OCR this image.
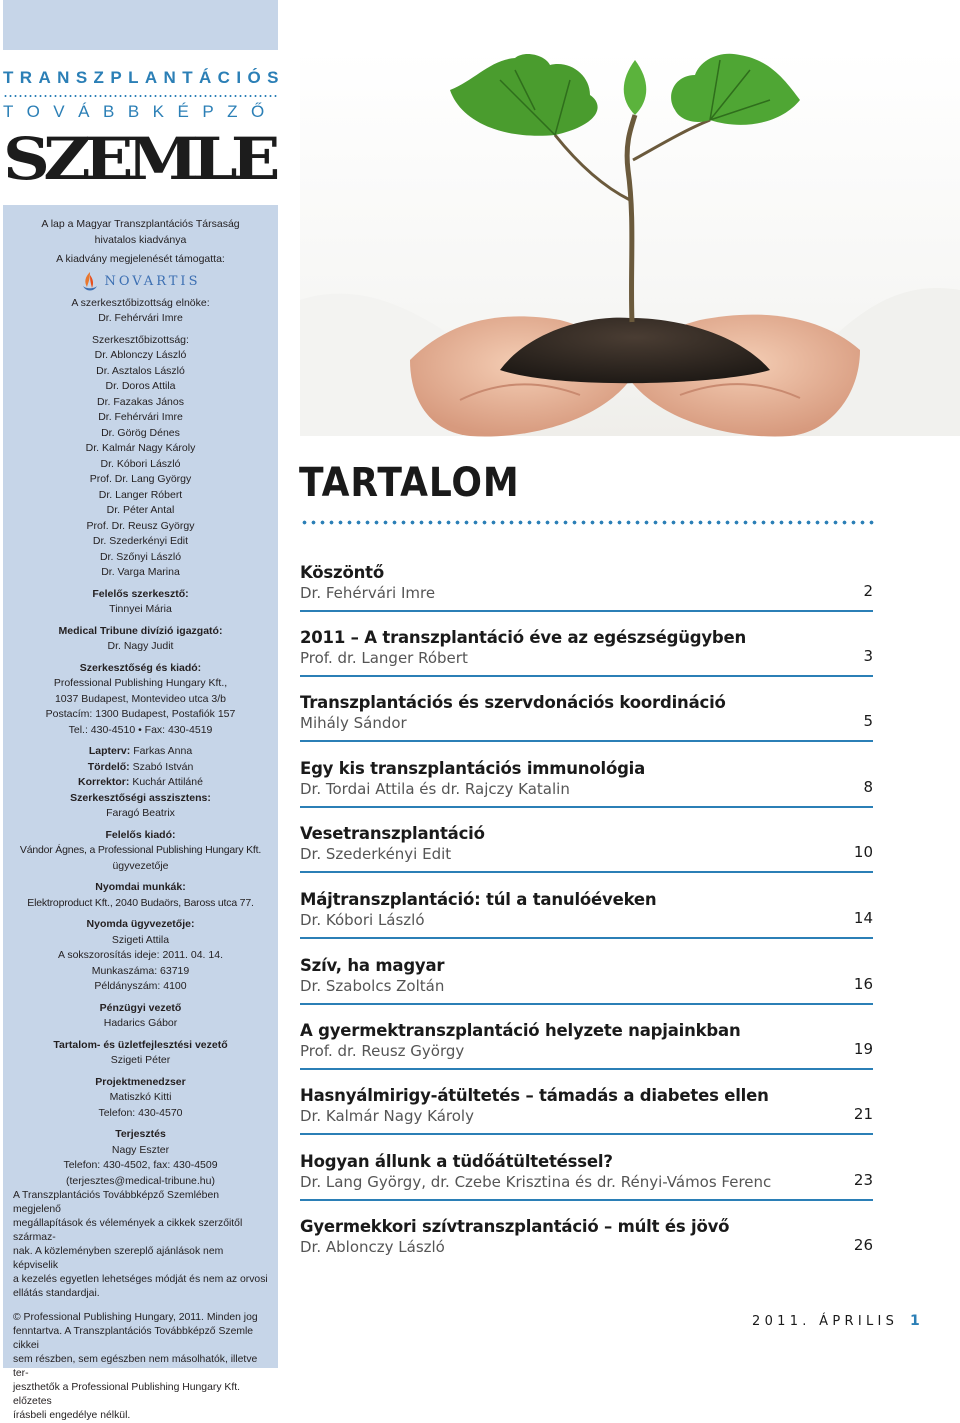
TRANSZPLANTÁCIÓS
TOVÁBBKÉPZŐ
SZEMLE
A lap a Magyar Transzplantációs Társaság
hivatalos kiadványa
A kiadvány megjelenését támogatta:
NOVARTIS
A szerkesztőbizottság elnöke:
Dr. Fehérvári Imre
Szerkesztőbizottság:
Dr. Ablonczy László
Dr. Asztalos László
Dr. Doros Attila
Dr. Fazakas János
Dr. Fehérvári Imre
Dr. Görög Dénes
Dr. Kalmár Nagy Károly
Dr. Kóbori László
Prof. Dr. Lang György
Dr. Langer Róbert
Dr. Péter Antal
Prof. Dr. Reusz György
Dr. Szederkényi Edit
Dr. Szőnyi László
Dr. Varga Marina
Felelős szerkesztő:
Tinnyei Mária
Medical Tribune divízió igazgató:
Dr. Nagy Judit
Szerkesztőség és kiadó:
Professional Publishing Hungary Kft.,
1037 Budapest, Montevideo utca 3/b
Postacím: 1300 Budapest, Postafiók 157
Tel.: 430-4510 • Fax: 430-4519
Lapterv: Farkas Anna
Tördelő: Szabó István
Korrektor: Kuchár Attiláné
Szerkesztőségi asszisztens:
Faragó Beatrix
Felelős kiadó:
Vándor Ágnes, a Professional Publishing Hungary Kft.
ügyvezetője
Nyomdai munkák:
Elektroproduct Kft., 2040 Budaörs, Baross utca 77.
Nyomda ügyvezetője:
Szigeti Attila
A sokszorosítás ideje: 2011. 04. 14.
Munkaszáma: 63719
Példányszám: 4100
Pénzügyi vezető
Hadarics Gábor
Tartalom- és üzletfejlesztési vezető
Szigeti Péter
Projektmenedzser
Matiszkó Kitti
Telefon: 430-4570
Terjesztés
Nagy Eszter
Telefon: 430-4502, fax: 430-4509
(terjesztes@medical-tribune.hu)
A Transzplantációs Továbbképző Szemlében megjelenő
megállapítások és vélemények a cikkek szerzőitől származ-
nak. A közleményben szereplő ajánlások nem képviselik
a kezelés egyetlen lehetséges módját és nem az orvosi
ellátás standardjai.
© Professional Publishing Hungary, 2011. Minden jog
fenntartva. A Transzplantációs Továbbképző Szemle cikkei
sem részben, sem egészben nem másolhatók, illetve ter-
jeszthetők a Professional Publishing Hungary Kft. előzetes
írásbeli engedélye nélkül.
TARTALOM
Köszöntő
Dr. Fehérvári Imre	2
2011 – A transzplantáció éve az egészségügyben
Prof. dr. Langer Róbert	3
Transzplantációs és szervdonációs koordináció
Mihály Sándor	5
Egy kis transzplantációs immunológia
Dr. Tordai Attila és dr. Rajczy Katalin	8
Vesetranszplantáció
Dr. Szederkényi Edit	10
Májtranszplantáció: túl a tanulóéveken
Dr. Kóbori László	14
Szív, ha magyar
Dr. Szabolcs Zoltán	16
A gyermektranszplantáció helyzete napjainkban
Prof. dr. Reusz György	19
Hasnyálmirigy-átültetés – támadás a diabetes ellen
Dr. Kalmár Nagy Károly	21
Hogyan állunk a tüdőátültetéssel?
Dr. Lang György, dr. Czebe Krisztina és dr. Rényi-Vámos Ferenc	23
Gyermekkori szívtranszplantáció – múlt és jövő
Dr. Ablonczy László	26
2011. ÁPRILIS 1
